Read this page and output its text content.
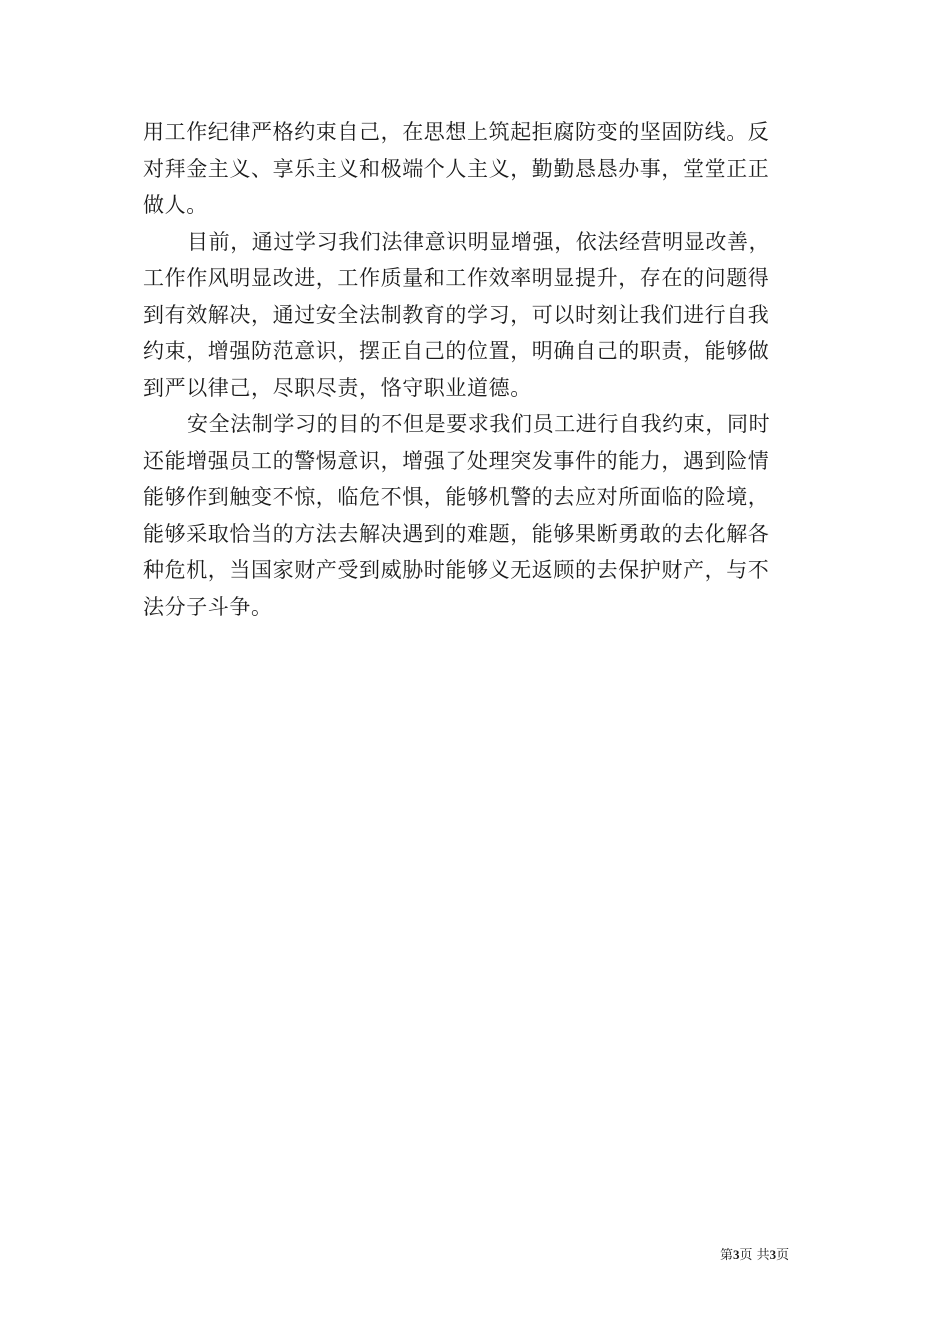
用工作纪律严格约束自己，在思想上筑起拒腐防变的坚固防线。反
对拜金主义、享乐主义和极端个人主义，勤勤恳恳办事，堂堂正正
做人。
目前，通过学习我们法律意识明显增强，依法经营明显改善，
工作作风明显改进，工作质量和工作效率明显提升，存在的问题得
到有效解决，通过安全法制教育的学习，可以时刻让我们进行自我
约束，增强防范意识，摆正自己的位置，明确自己的职责，能够做
到严以律己，尽职尽责，恪守职业道德。
安全法制学习的目的不但是要求我们员工进行自我约束，同时
还能增强员工的警惕意识，增强了处理突发事件的能力，遇到险情
能够作到触变不惊，临危不惧，能够机警的去应对所面临的险境，
能够采取恰当的方法去解决遇到的难题，能够果断勇敢的去化解各
种危机，当国家财产受到威胁时能够义无返顾的去保护财产，与不
法分子斗争。
第3页 共3页
